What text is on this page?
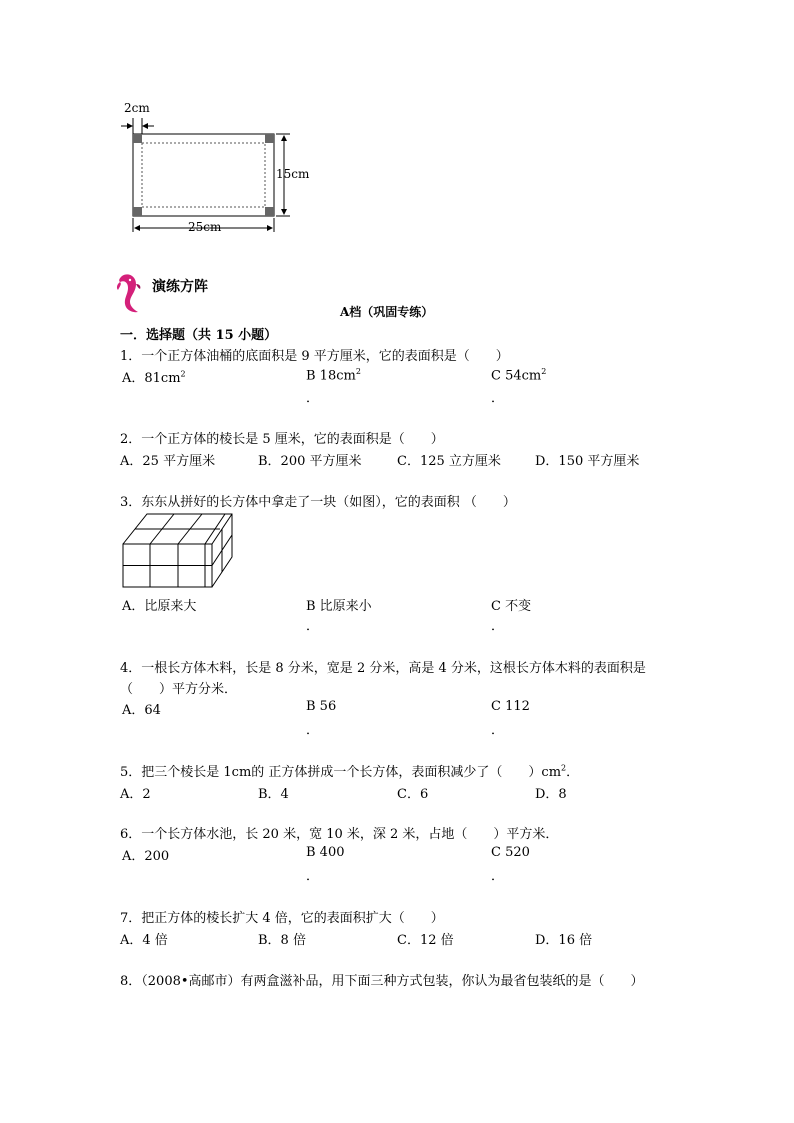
2cm
15cm
25cm
演练方阵
A档（巩固专练）
一．选择题（共 15 小题）
1．一个正方体油桶的底面积是 9 平方厘米，它的表面积是（　　）
A．$81cm^2$	B $18cm^2$	C $54cm^2$
．	．
2．一个正方体的棱长是 5 厘米，它的表面积是（　　）
A．25 平方厘米	B．200 平方厘米	C．125 立方厘米	D．150 平方厘米
3．东东从拼好的长方体中拿走了一块（如图），它的表面积 （　　）
A．比原来大	B 比原来小	C 不变
．	．
4．一根长方体木料，长是 8 分米，宽是 2 分米，高是 4 分米，这根长方体木料的表面积是
（　　）平方分米．
A．64	B 56	C 112
．	．
5．把三个棱长是 1cm的 正方体拼成一个长方体，表面积减少了（　　）$cm^2$．
A．2	B．4	C．6	D．8
6．一个长方体水池，长 20 米，宽 10 米，深 2 米，占地（　　）平方米．
A．200	B 400	C 520
．	．
7．把正方体的棱长扩大 4 倍，它的表面积扩大（　　）
A．4 倍	B．8 倍	C．12 倍	D．16 倍
8．（2008•高邮市）有两盒滋补品，用下面三种方式包装，你认为最省包装纸的是（　　）
